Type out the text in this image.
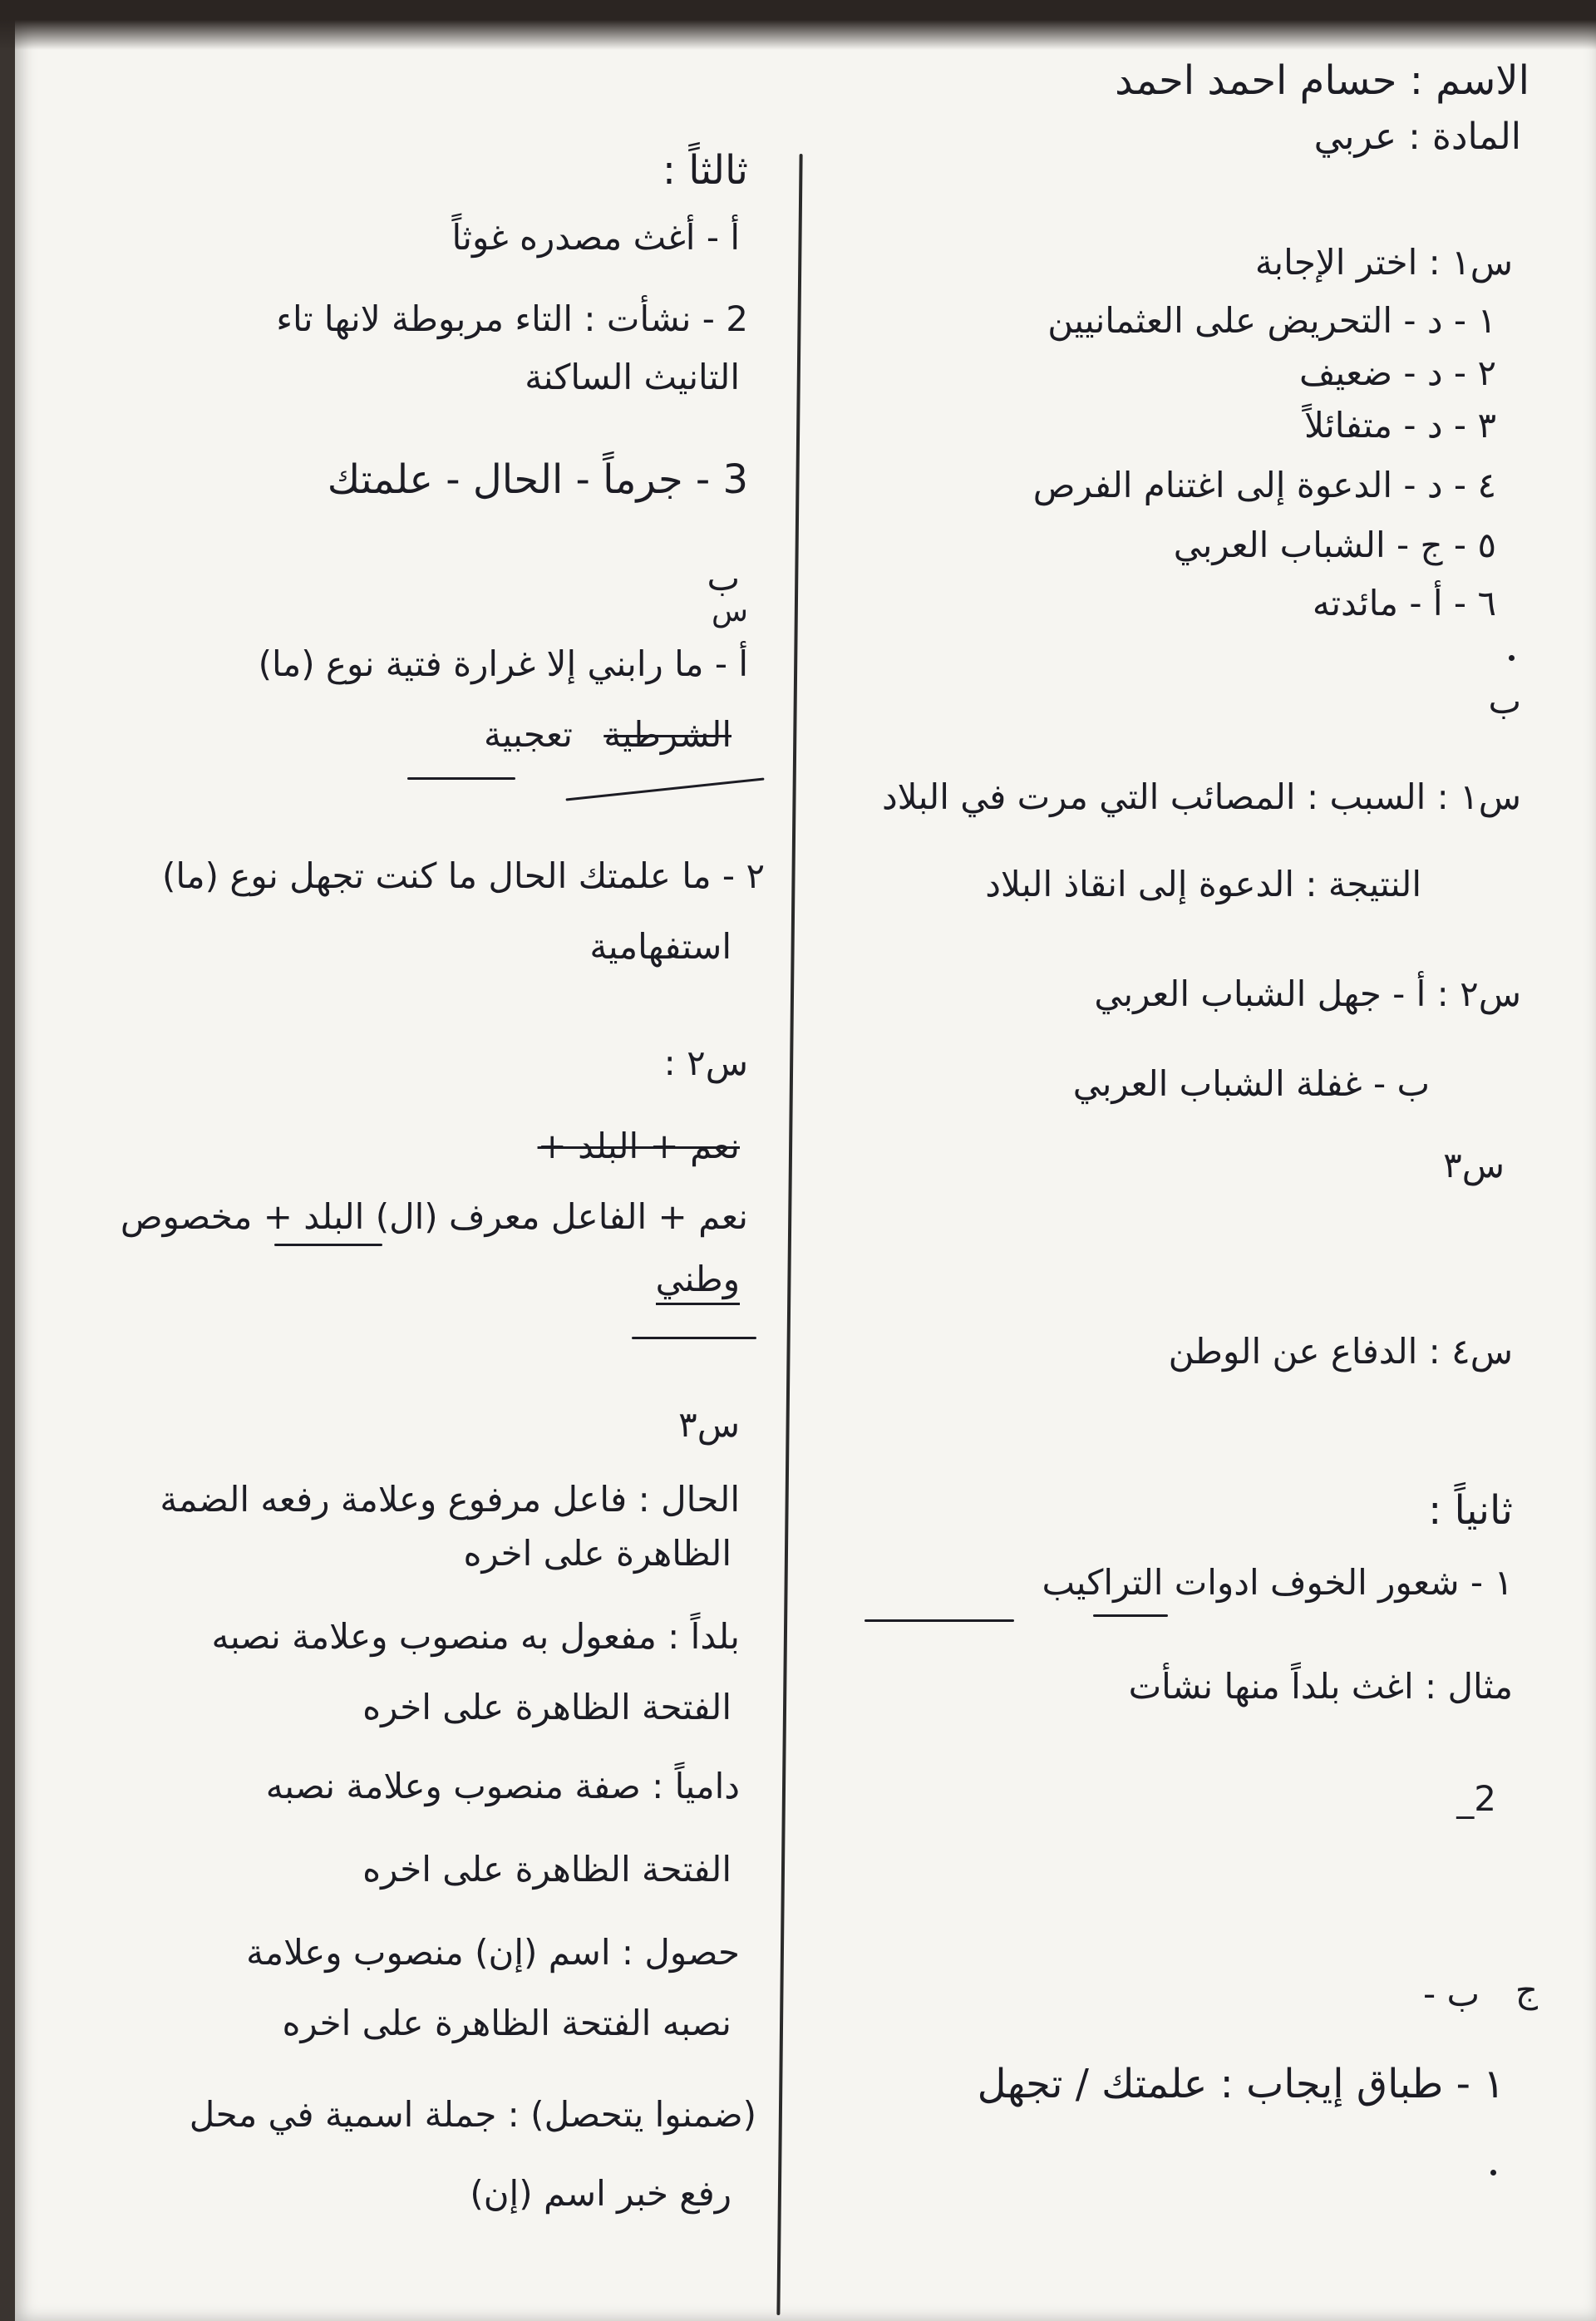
الاسم : حسام احمد احمد
المادة : عربي
س١ : اختر الإجابة
١ - د - التحريض على العثمانيين
٢ - د - ضعيف
٣ - د - متفائلاً
٤ - د - الدعوة إلى اغتنام الفرص
٥ - ج - الشباب العربي
٦ - أ - مائدته
ب
س١ : السبب : المصائب التي مرت في البلاد
النتيجة : الدعوة إلى انقاذ البلاد
س٢ : أ - جهل الشباب العربي
ب - غفلة الشباب العربي
س٣
س٤ : الدفاع عن الوطن
ثانياً :
١ - شعور الخوف ادوات التراكيب
مثال : اغث بلداً منها نشأت
2_
ب - ج
١ - طباق إيجاب : علمتك / تجهل
ثالثاً :
أ - أغث مصدره غوثاً
2 - نشأت : التاء مربوطة لانها تاء
التانيث الساكنة
3 - جرماً - الحال - علمتك
ب
س
أ - ما رابني إلا غرارة فتية نوع (ما)
الشرطية تعجبية
٢ - ما علمتك الحال ما كنت تجهل نوع (ما)
استفهامية
س٢ :
نعم + البلد +
نعم + الفاعل معرف (ال) البلد + مخصوص
وطني
س٣
الحال : فاعل مرفوع وعلامة رفعه الضمة
الظاهرة على اخره
بلداً : مفعول به منصوب وعلامة نصبه
الفتحة الظاهرة على اخره
دامياً : صفة منصوب وعلامة نصبه
الفتحة الظاهرة على اخره
حصول : اسم (إن) منصوب وعلامة
نصبه الفتحة الظاهرة على اخره
(ضمنوا يتحصل) : جملة اسمية في محل
رفع خبر اسم (إن)
